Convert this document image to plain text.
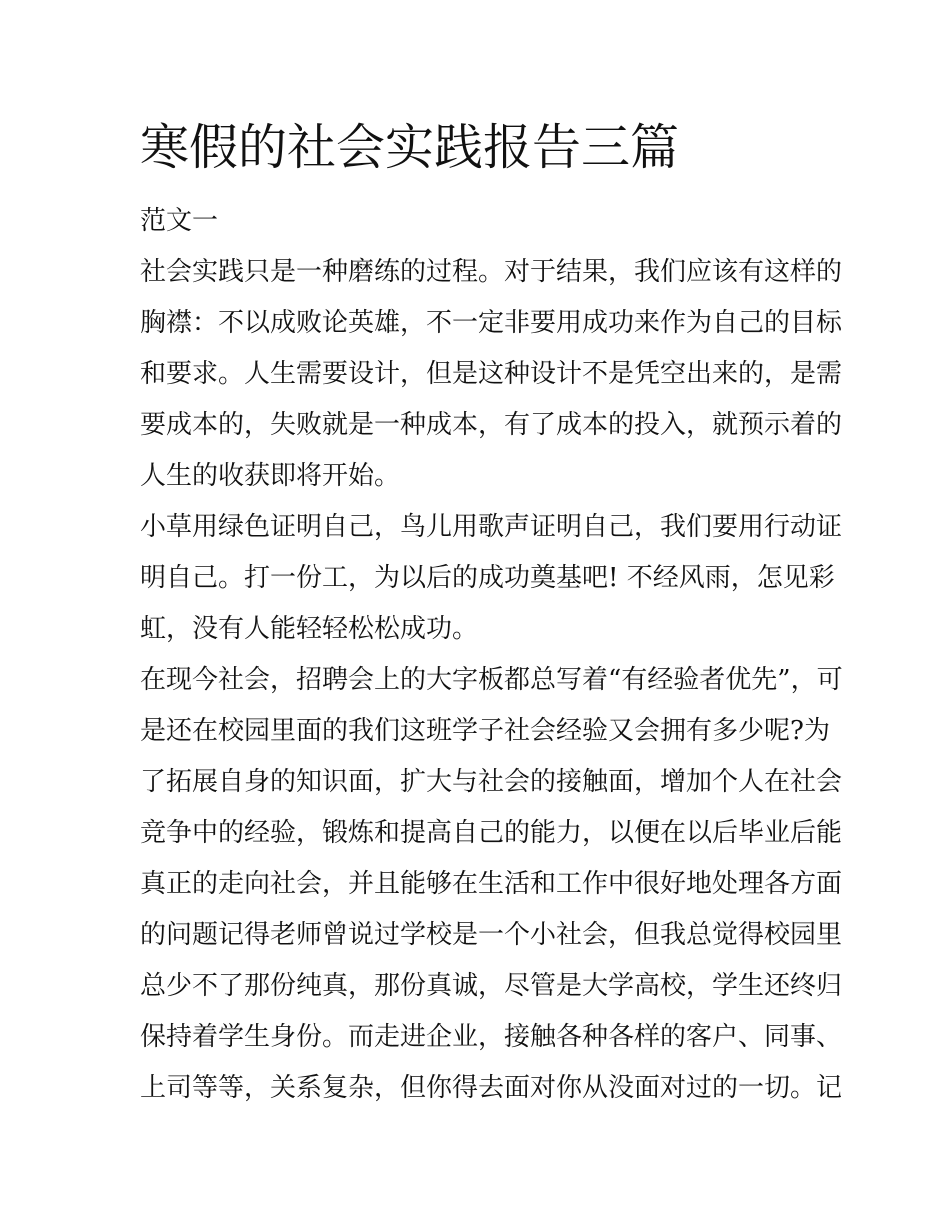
寒假的社会实践报告三篇
范文一
社会实践只是一种磨练的过程。对于结果，我们应该有这样的
胸襟：不以成败论英雄，不一定非要用成功来作为自己的目标
和要求。人生需要设计，但是这种设计不是凭空出来的，是需
要成本的，失败就是一种成本，有了成本的投入，就预示着的
人生的收获即将开始。
小草用绿色证明自己，鸟儿用歌声证明自己，我们要用行动证
明自己。打一份工，为以后的成功奠基吧! 不经风雨，怎见彩
虹，没有人能轻轻松松成功。
在现今社会，招聘会上的大字板都总写着“有经验者优先”，可
是还在校园里面的我们这班学子社会经验又会拥有多少呢?为
了拓展自身的知识面，扩大与社会的接触面，增加个人在社会
竞争中的经验，锻炼和提高自己的能力，以便在以后毕业后能
真正的走向社会，并且能够在生活和工作中很好地处理各方面
的问题记得老师曾说过学校是一个小社会，但我总觉得校园里
总少不了那份纯真，那份真诚，尽管是大学高校，学生还终归
保持着学生身份。而走进企业，接触各种各样的客户、同事、
上司等等，关系复杂，但你得去面对你从没面对过的一切。记
